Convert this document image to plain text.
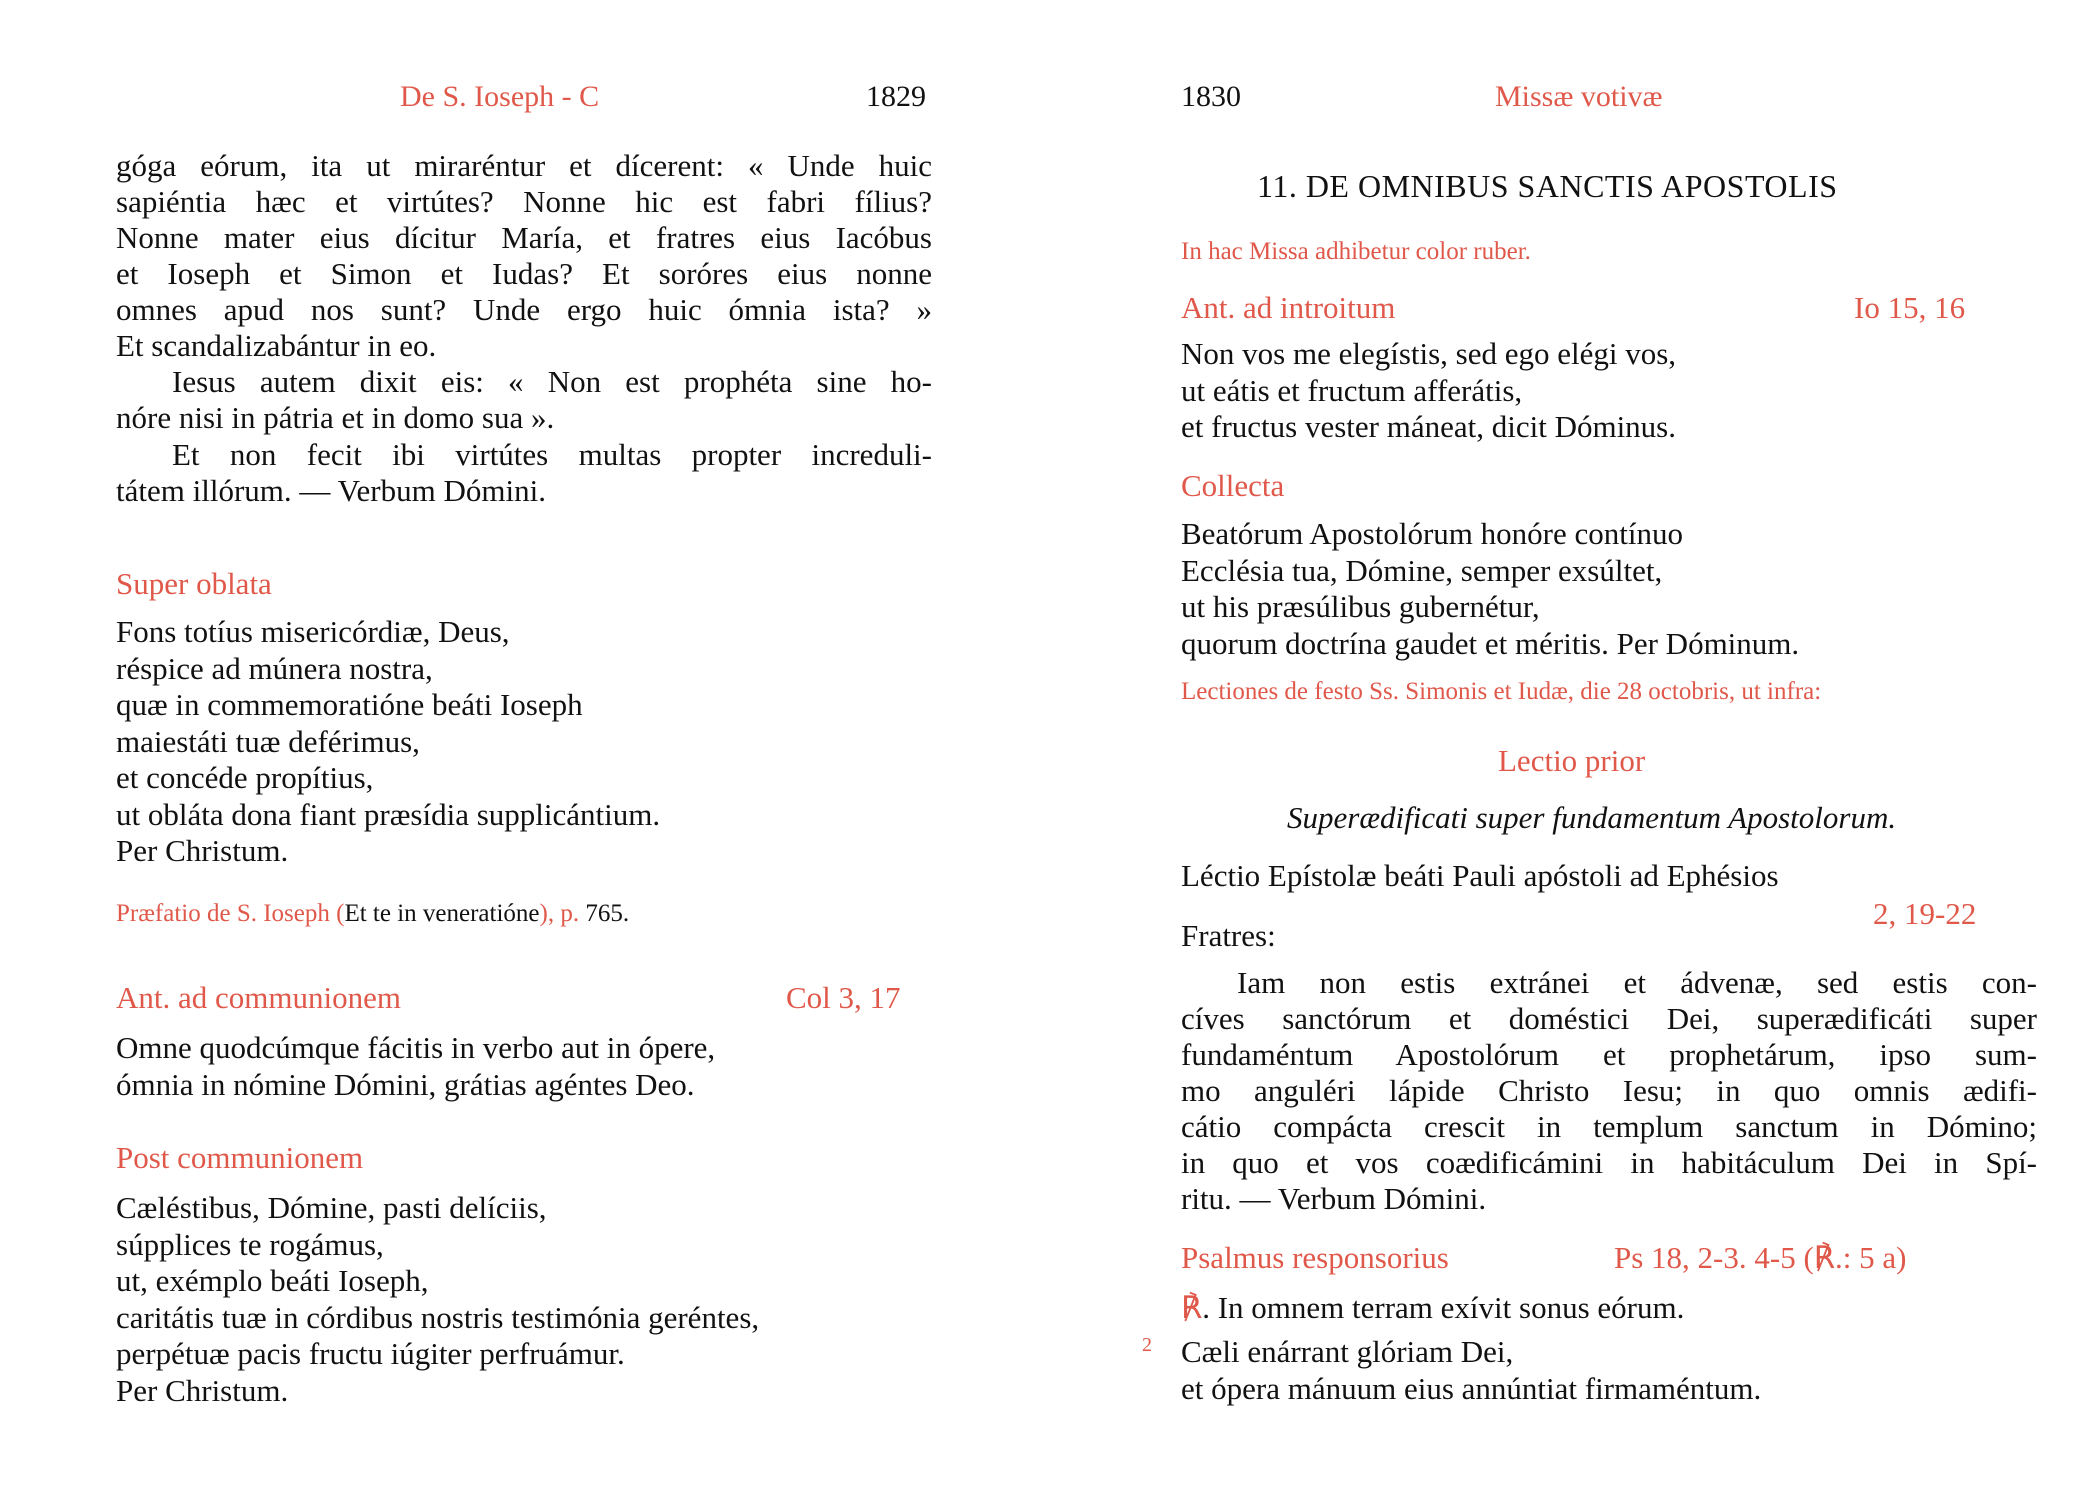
De S. Ioseph - C	1829
góga eórum, ita ut miraréntur et dícerent: « Unde huic
sapiéntia hæc et virtútes? Nonne hic est fabri fílius?
Nonne mater eius dícitur María, et fratres eius Iacóbus
et Ioseph et Simon et Iudas? Et soróres eius nonne
omnes apud nos sunt? Unde ergo huic ómnia ista? »
Et scandalizabántur in eo.
Iesus autem dixit eis: « Non est prophéta sine ho-
nóre nisi in pátria et in domo sua ».
Et non fecit ibi virtútes multas propter increduli-
tátem illórum. — Verbum Dómini.
Super oblata
Fons totíus misericórdiæ, Deus,
réspice ad múnera nostra,
quæ in commemoratióne beáti Ioseph
maiestáti tuæ deférimus,
et concéde propítius,
ut obláta dona fiant præsídia supplicántium.
Per Christum.
Præfatio de S. Ioseph (Et te in veneratióne), p. 765.
Ant. ad communionem	Col 3, 17
Omne quodcúmque fácitis in verbo aut in ópere,
ómnia in nómine Dómini, grátias agéntes Deo.
Post communionem
Cæléstibus, Dómine, pasti delíciis,
súpplices te rogámus,
ut, exémplo beáti Ioseph,
caritátis tuæ in córdibus nostris testimónia geréntes,
perpétuæ pacis fructu iúgiter perfruámur.
Per Christum.
1830	Missæ votivæ
11. DE OMNIBUS SANCTIS APOSTOLIS
In hac Missa adhibetur color ruber.
Ant. ad introitum	Io 15, 16
Non vos me elegístis, sed ego elégi vos,
ut eátis et fructum afferátis,
et fructus vester máneat, dicit Dóminus.
Collecta
Beatórum Apostolórum honóre contínuo
Ecclésia tua, Dómine, semper exsúltet,
ut his præsúlibus gubernétur,
quorum doctrína gaudet et méritis. Per Dóminum.
Lectiones de festo Ss. Simonis et Iudæ, die 28 octobris, ut infra:
Lectio prior
Superædificati super fundamentum Apostolorum.
Léctio Epístolæ beáti Pauli apóstoli ad Ephésios
2, 19-22
Fratres:
Iam non estis extránei et ádvenæ, sed estis con-
cíves sanctórum et doméstici Dei, superædificáti super
fundaméntum Apostolórum et prophetárum, ipso sum-
mo anguléri lápide Christo Iesu; in quo omnis ædifi-
cátio compácta crescit in templum sanctum in Dómino;
in quo et vos coædificámini in habitáculum Dei in Spí-
ritu. — Verbum Dómini.
Psalmus responsorius	Ps 18, 2-3. 4-5 (℟.: 5 a)
℟. In omnem terram exívit sonus eórum.
2 Cæli enárrant glóriam Dei,
et ópera mánuum eius annúntiat firmaméntum.
